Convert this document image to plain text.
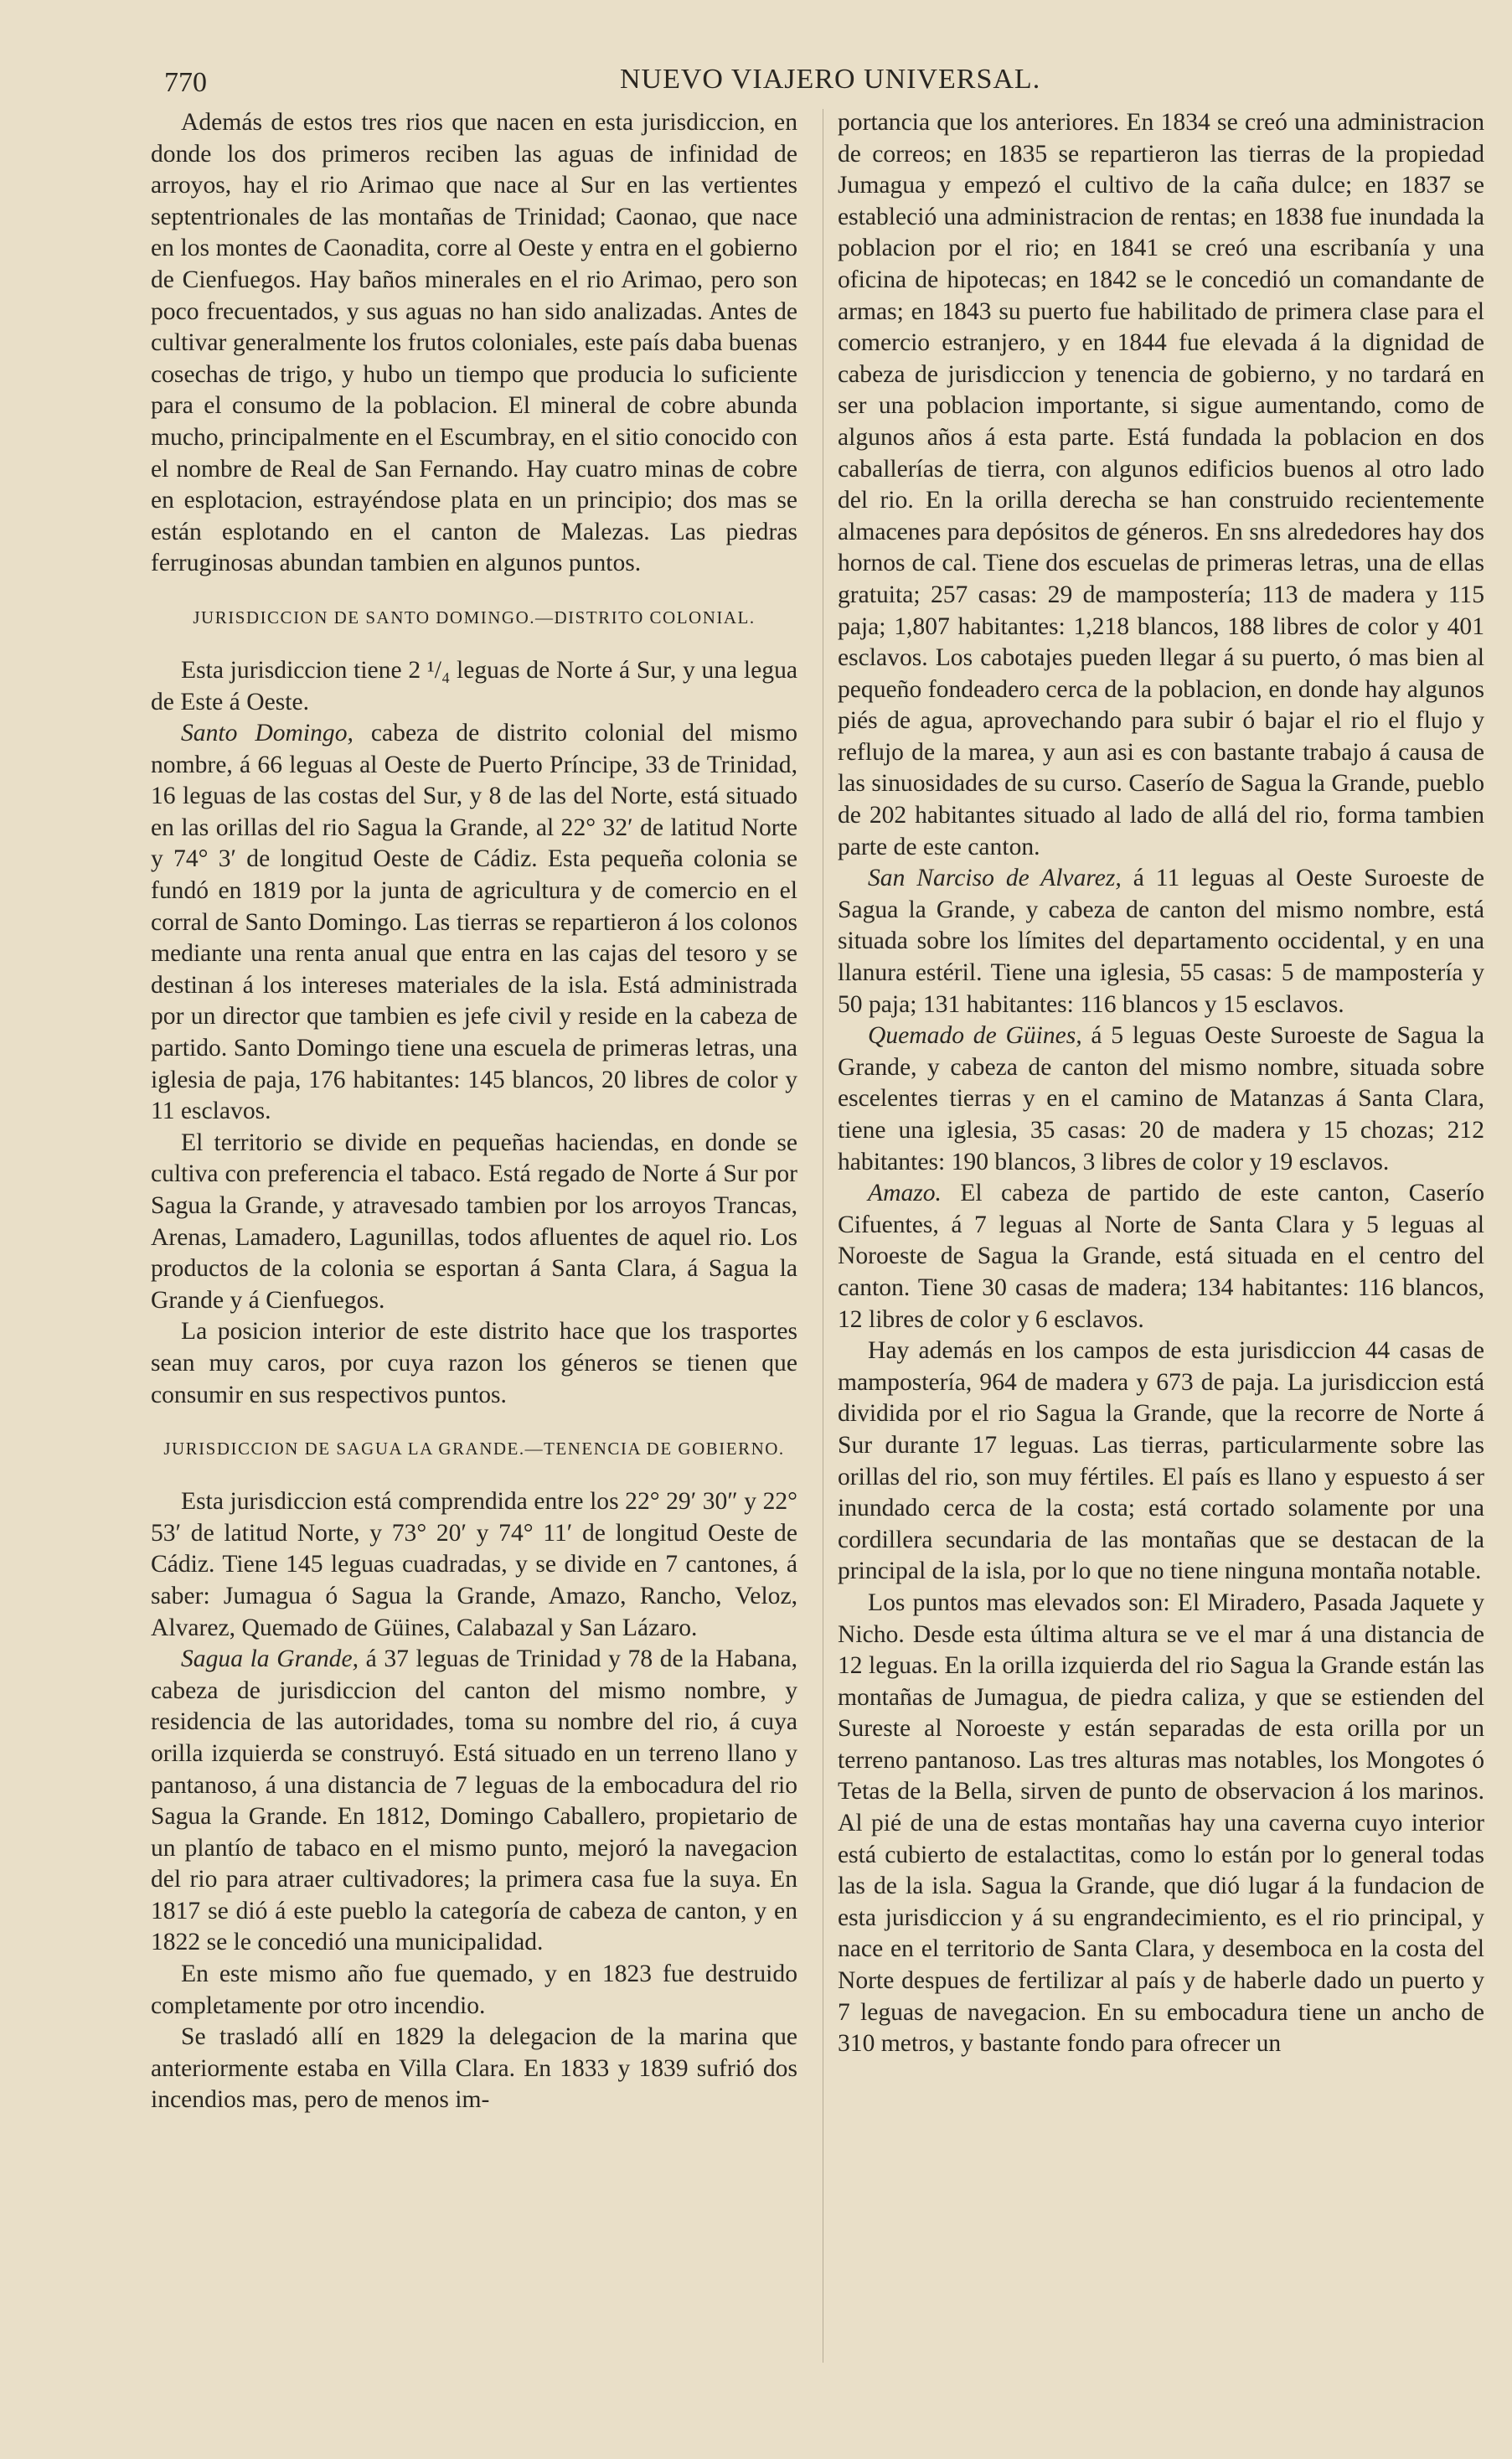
770	NUEVO VIAJERO UNIVERSAL.

Además de estos tres rios que nacen en esta jurisdiccion, en donde los dos primeros reciben las aguas de infinidad de arroyos, hay el rio Arimao que nace al Sur en las vertientes septentrionales de las montañas de Trinidad; Caonao, que nace en los montes de Caonadita, corre al Oeste y entra en el gobierno de Cienfuegos. Hay baños minerales en el rio Arimao, pero son poco frecuentados, y sus aguas no han sido analizadas. Antes de cultivar generalmente los frutos coloniales, este país daba buenas cosechas de trigo, y hubo un tiempo que producia lo suficiente para el consumo de la poblacion. El mineral de cobre abunda mucho, principalmente en el Escumbray, en el sitio conocido con el nombre de Real de San Fernando. Hay cuatro minas de cobre en esplotacion, estrayéndose plata en un principio; dos mas se están esplotando en el canton de Malezas. Las piedras ferruginosas abundan tambien en algunos puntos.

JURISDICCION DE SANTO DOMINGO.—DISTRITO COLONIAL.

Esta jurisdiccion tiene 2 ¹/₄ leguas de Norte á Sur, y una legua de Este á Oeste.

Santo Domingo, cabeza de distrito colonial del mismo nombre, á 66 leguas al Oeste de Puerto Príncipe, 33 de Trinidad, 16 leguas de las costas del Sur, y 8 de las del Norte, está situado en las orillas del rio Sagua la Grande, al 22° 32′ de latitud Norte y 74° 3′ de longitud Oeste de Cádiz. Esta pequeña colonia se fundó en 1819 por la junta de agricultura y de comercio en el corral de Santo Domingo. Las tierras se repartieron á los colonos mediante una renta anual que entra en las cajas del tesoro y se destinan á los intereses materiales de la isla. Está administrada por un director que tambien es jefe civil y reside en la cabeza de partido. Santo Domingo tiene una escuela de primeras letras, una iglesia de paja, 176 habitantes: 145 blancos, 20 libres de color y 11 esclavos.

El territorio se divide en pequeñas haciendas, en donde se cultiva con preferencia el tabaco. Está regado de Norte á Sur por Sagua la Grande, y atravesado tambien por los arroyos Trancas, Arenas, Lamadero, Lagunillas, todos afluentes de aquel rio. Los productos de la colonia se esportan á Santa Clara, á Sagua la Grande y á Cienfuegos.

La posicion interior de este distrito hace que los trasportes sean muy caros, por cuya razon los géneros se tienen que consumir en sus respectivos puntos.

JURISDICCION DE SAGUA LA GRANDE.—TENENCIA DE GOBIERNO.

Esta jurisdiccion está comprendida entre los 22° 29′ 30″ y 22° 53′ de latitud Norte, y 73° 20′ y 74° 11′ de longitud Oeste de Cádiz. Tiene 145 leguas cuadradas, y se divide en 7 cantones, á saber: Jumagua ó Sagua la Grande, Amazo, Rancho, Veloz, Alvarez, Quemado de Güines, Calabazal y San Lázaro.

Sagua la Grande, á 37 leguas de Trinidad y 78 de la Habana, cabeza de jurisdiccion del canton del mismo nombre, y residencia de las autoridades, toma su nombre del rio, á cuya orilla izquierda se construyó. Está situado en un terreno llano y pantanoso, á una distancia de 7 leguas de la embocadura del rio Sagua la Grande. En 1812, Domingo Caballero, propietario de un plantío de tabaco en el mismo punto, mejoró la navegacion del rio para atraer cultivadores; la primera casa fue la suya. En 1817 se dió á este pueblo la categoría de cabeza de canton, y en 1822 se le concedió una municipalidad.

En este mismo año fue quemado, y en 1823 fue destruido completamente por otro incendio.

Se trasladó allí en 1829 la delegacion de la marina que anteriormente estaba en Villa Clara. En 1833 y 1839 sufrió dos incendios mas, pero de menos im-

portancia que los anteriores. En 1834 se creó una administracion de correos; en 1835 se repartieron las tierras de la propiedad Jumagua y empezó el cultivo de la caña dulce; en 1837 se estableció una administracion de rentas; en 1838 fue inundada la poblacion por el rio; en 1841 se creó una escribanía y una oficina de hipotecas; en 1842 se le concedió un comandante de armas; en 1843 su puerto fue habilitado de primera clase para el comercio estranjero, y en 1844 fue elevada á la dignidad de cabeza de jurisdiccion y tenencia de gobierno, y no tardará en ser una poblacion importante, si sigue aumentando, como de algunos años á esta parte. Está fundada la poblacion en dos caballerías de tierra, con algunos edificios buenos al otro lado del rio. En la orilla derecha se han construido recientemente almacenes para depósitos de géneros. En sns alrededores hay dos hornos de cal. Tiene dos escuelas de primeras letras, una de ellas gratuita; 257 casas: 29 de mampostería; 113 de madera y 115 paja; 1,807 habitantes: 1,218 blancos, 188 libres de color y 401 esclavos. Los cabotajes pueden llegar á su puerto, ó mas bien al pequeño fondeadero cerca de la poblacion, en donde hay algunos piés de agua, aprovechando para subir ó bajar el rio el flujo y reflujo de la marea, y aun asi es con bastante trabajo á causa de las sinuosidades de su curso. Caserío de Sagua la Grande, pueblo de 202 habitantes situado al lado de allá del rio, forma tambien parte de este canton.

San Narciso de Alvarez, á 11 leguas al Oeste Suroeste de Sagua la Grande, y cabeza de canton del mismo nombre, está situada sobre los límites del departamento occidental, y en una llanura estéril. Tiene una iglesia, 55 casas: 5 de mampostería y 50 paja; 131 habitantes: 116 blancos y 15 esclavos.

Quemado de Güines, á 5 leguas Oeste Suroeste de Sagua la Grande, y cabeza de canton del mismo nombre, situada sobre escelentes tierras y en el camino de Matanzas á Santa Clara, tiene una iglesia, 35 casas: 20 de madera y 15 chozas; 212 habitantes: 190 blancos, 3 libres de color y 19 esclavos.

Amazo. El cabeza de partido de este canton, Caserío Cifuentes, á 7 leguas al Norte de Santa Clara y 5 leguas al Noroeste de Sagua la Grande, está situada en el centro del canton. Tiene 30 casas de madera; 134 habitantes: 116 blancos, 12 libres de color y 6 esclavos.

Hay además en los campos de esta jurisdiccion 44 casas de mampostería, 964 de madera y 673 de paja. La jurisdiccion está dividida por el rio Sagua la Grande, que la recorre de Norte á Sur durante 17 leguas. Las tierras, particularmente sobre las orillas del rio, son muy fértiles. El país es llano y espuesto á ser inundado cerca de la costa; está cortado solamente por una cordillera secundaria de las montañas que se destacan de la principal de la isla, por lo que no tiene ninguna montaña notable.

Los puntos mas elevados son: El Miradero, Pasada Jaquete y Nicho. Desde esta última altura se ve el mar á una distancia de 12 leguas. En la orilla izquierda del rio Sagua la Grande están las montañas de Jumagua, de piedra caliza, y que se estienden del Sureste al Noroeste y están separadas de esta orilla por un terreno pantanoso. Las tres alturas mas notables, los Mongotes ó Tetas de la Bella, sirven de punto de observacion á los marinos. Al pié de una de estas montañas hay una caverna cuyo interior está cubierto de estalactitas, como lo están por lo general todas las de la isla. Sagua la Grande, que dió lugar á la fundacion de esta jurisdiccion y á su engrandecimiento, es el rio principal, y nace en el territorio de Santa Clara, y desemboca en la costa del Norte despues de fertilizar al país y de haberle dado un puerto y 7 leguas de navegacion. En su embocadura tiene un ancho de 310 metros, y bastante fondo para ofrecer un
